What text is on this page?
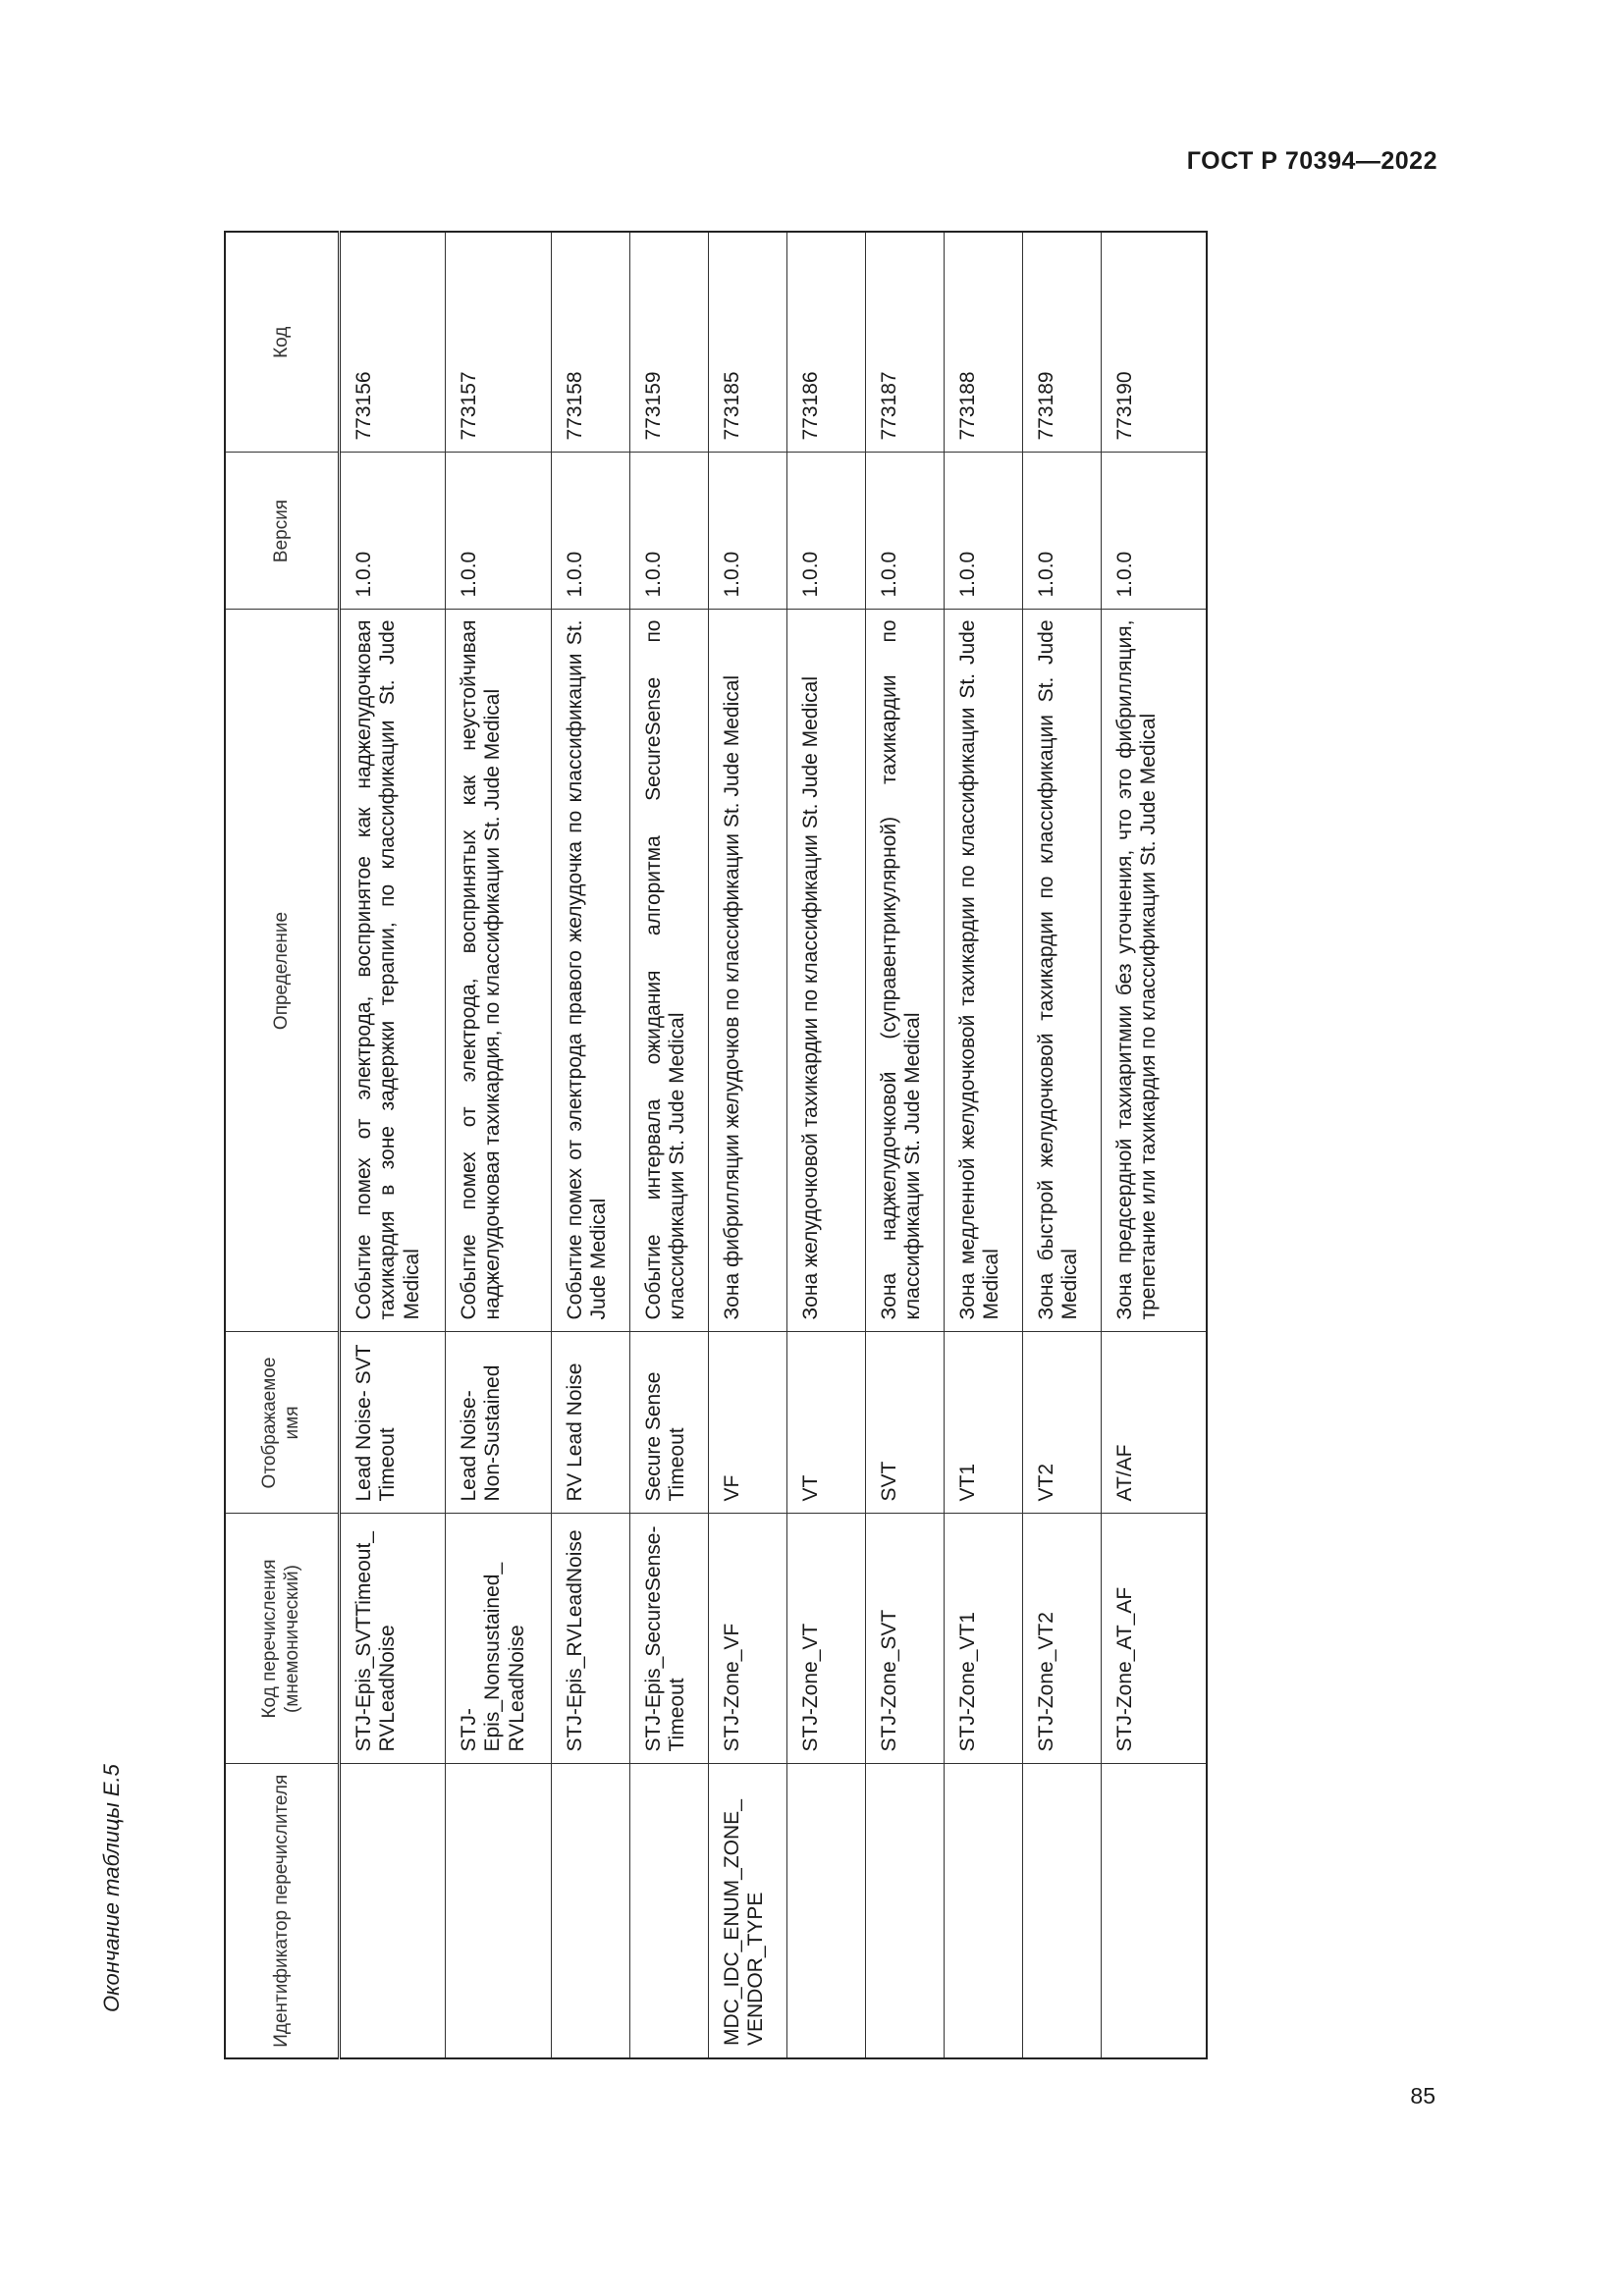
ГОСТ Р 70394—2022
Окончание таблицы Е.5	Идентификатор перечислителя	Код перечисления (мнемонический)	Отображаемое имя	Определение	Версия	Код
	STJ-Epis_SVTTimeout_ RVLeadNoise	Lead Noise- SVT Timeout	Событие помех от электрода, воспринятое как наджелудочковая тахикардия в зоне задержки терапии, по классификации St. Jude Medical	1.0.0	773156
	STJ-Epis_Nonsustained_ RVLeadNoise	Lead Noise- Non-Sustained	Событие помех от электрода, воспринятых как неустойчивая наджелудочковая тахикардия, по классификации St. Jude Medical	1.0.0	773157
	STJ-Epis_RVLeadNoise	RV Lead Noise	Событие помех от электрода правого желудочка по классификации St. Jude Medical	1.0.0	773158
	STJ-Epis_SecureSense- Timeout	Secure Sense Timeout	Событие интервала ожидания алгоритма SecureSense по классификации St. Jude Medical	1.0.0	773159
MDC_IDC_ENUM_ZONE_ VENDOR_TYPE	STJ-Zone_VF	VF	Зона фибрилляции желудочков по классификации St. Jude Medical	1.0.0	773185
	STJ-Zone_VT	VT	Зона желудочковой тахикардии по классификации St. Jude Medical	1.0.0	773186
	STJ-Zone_SVT	SVT	Зона наджелудочковой (суправентрикулярной) тахикардии по классификации St. Jude Medical	1.0.0	773187
	STJ-Zone_VT1	VT1	Зона медленной желудочковой тахикардии по классификации St. Jude Medical	1.0.0	773188
	STJ-Zone_VT2	VT2	Зона быстрой желудочковой тахикардии по классификации St. Jude Medical	1.0.0	773189
	STJ-Zone_AT_AF	AT/AF	Зона предсердной тахиаритмии без уточнения, что это фибрилляция, трепетание или тахикардия по классификации St. Jude Medical	1.0.0	773190
85
